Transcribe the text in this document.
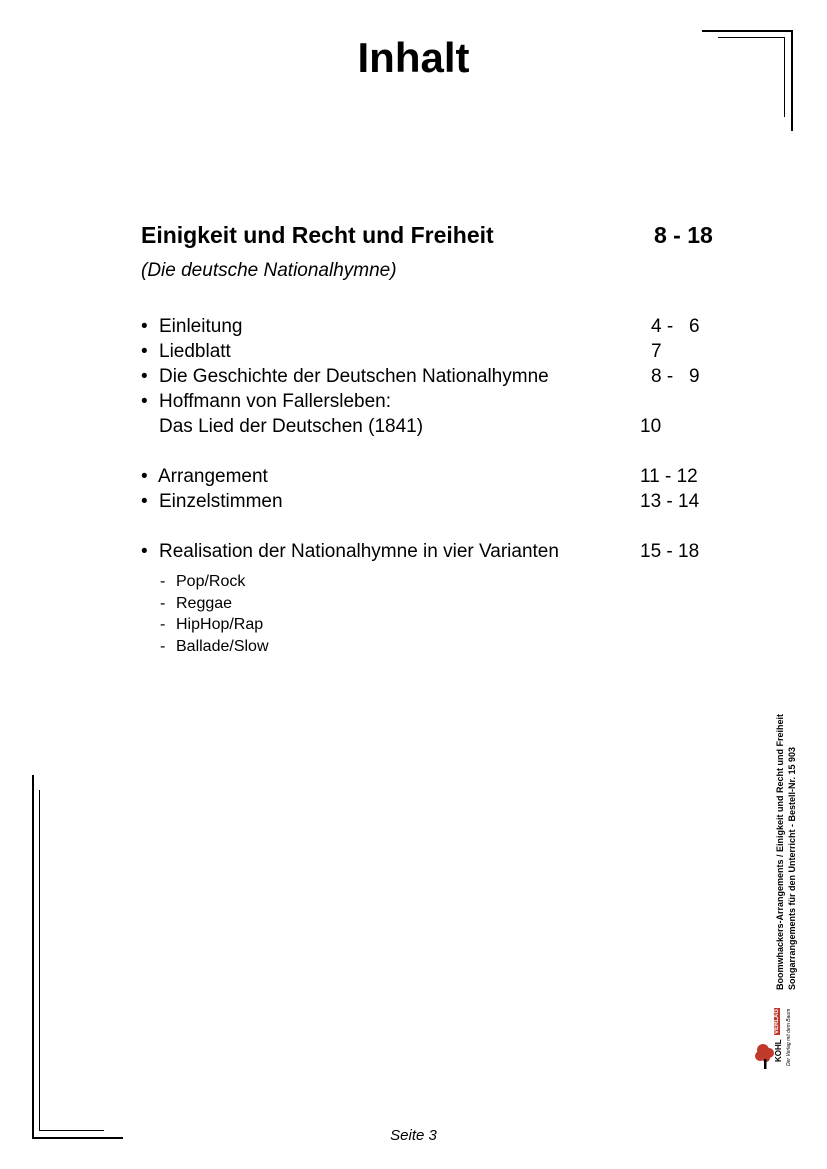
Inhalt
Einigkeit und Recht und Freiheit	8 - 18
(Die deutsche Nationalhymne)
• Einleitung	4 -   6
• Liedblatt	7
• Die Geschichte der Deutschen Nationalhymne	8 -   9
• Hoffmann von Fallersleben:
Das Lied der Deutschen (1841)	10
• Arrangement	11 - 12
• Einzelstimmen	13 - 14
• Realisation der Nationalhymne in vier Varianten	15 - 18
- Pop/Rock
- Reggae
- HipHop/Rap
- Ballade/Slow
Boomwhackers-Arrangements / Einigkeit und Recht und Freiheit Songarrangements für den Unterricht - Bestell-Nr. 15 903
KOHL
VERLAG Der Verlag mit dem Baum
Seite 3
